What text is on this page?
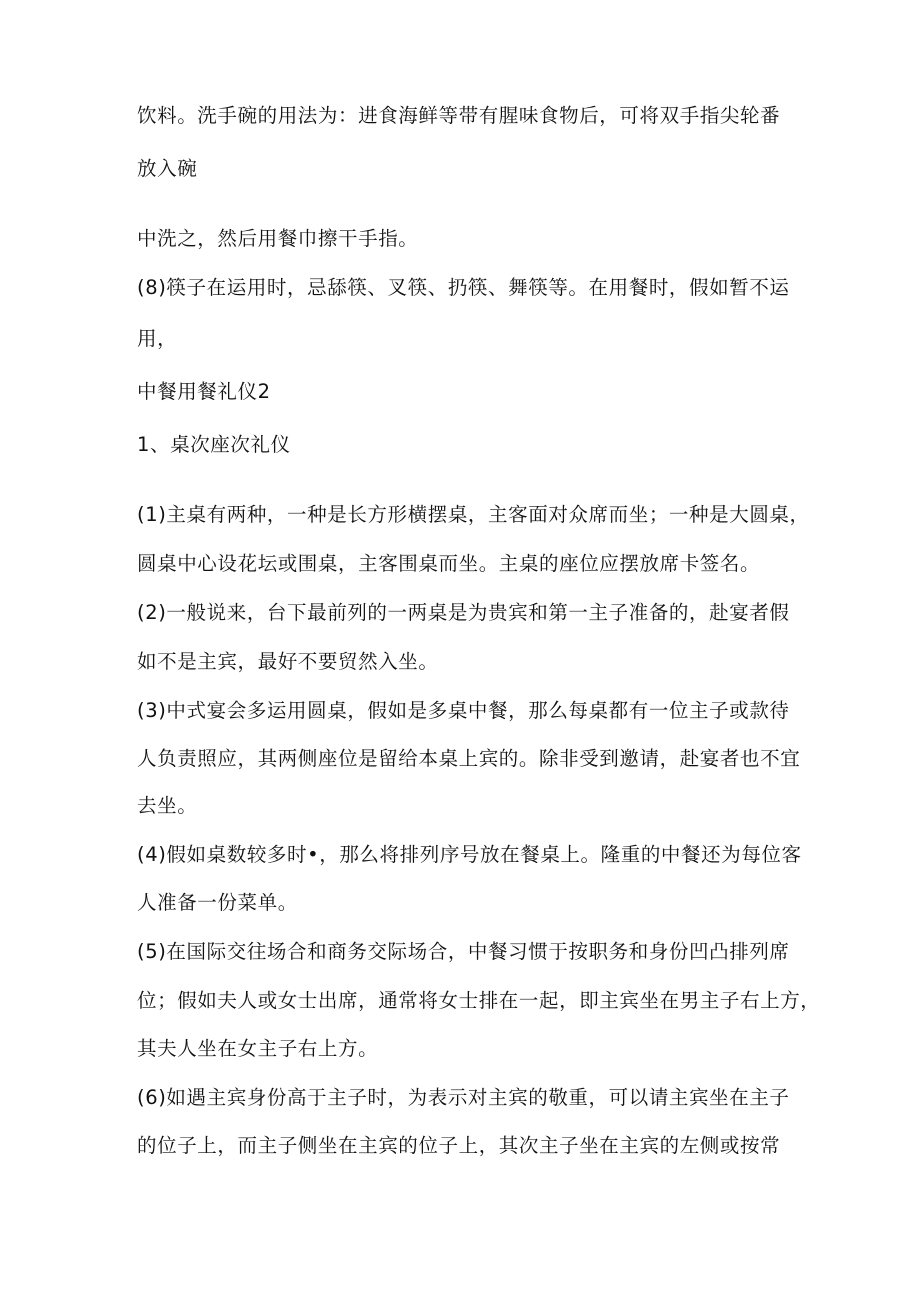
饮料。洗手碗的用法为：进食海鲜等带有腥味食物后，可将双手指尖轮番
放入碗
中洗之，然后用餐巾擦干手指。
(8)筷子在运用时，忌舔筷、叉筷、扔筷、舞筷等。在用餐时，假如暂不运
用，
中餐用餐礼仪2
1、桌次座次礼仪
(1)主桌有两种，一种是长方形横摆桌，主客面对众席而坐；一种是大圆桌，
圆桌中心设花坛或围桌，主客围桌而坐。主桌的座位应摆放席卡签名。
(2)一般说来，台下最前列的一两桌是为贵宾和第一主子准备的，赴宴者假
如不是主宾，最好不要贸然入坐。
(3)中式宴会多运用圆桌，假如是多桌中餐，那么每桌都有一位主子或款待
人负责照应，其两侧座位是留给本桌上宾的。除非受到邀请，赴宴者也不宜
去坐。
(4)假如桌数较多时•，那么将排列序号放在餐桌上。隆重的中餐还为每位客
人准备一份菜单。
(5)在国际交往场合和商务交际场合，中餐习惯于按职务和身份凹凸排列席
位；假如夫人或女士出席，通常将女士排在一起，即主宾坐在男主子右上方，
其夫人坐在女主子右上方。
(6)如遇主宾身份高于主子时，为表示对主宾的敬重，可以请主宾坐在主子
的位子上，而主子侧坐在主宾的位子上，其次主子坐在主宾的左侧或按常
